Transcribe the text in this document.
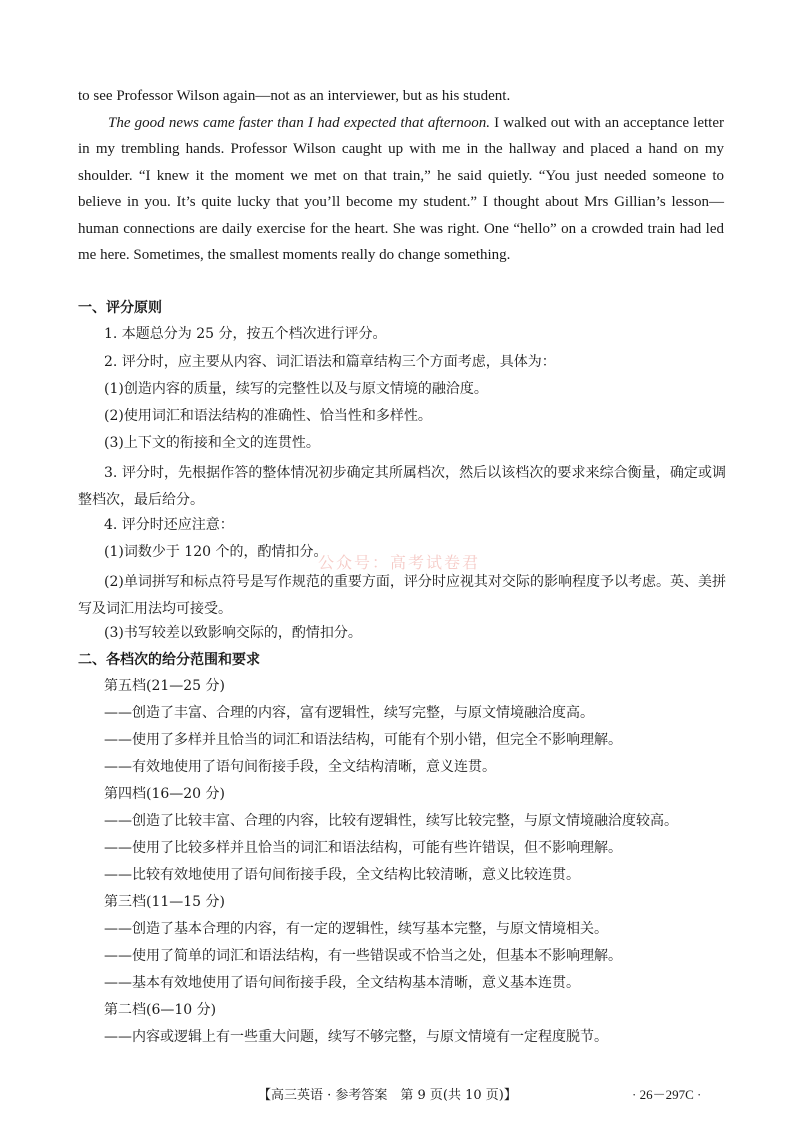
to see Professor Wilson again—not as an interviewer, but as his student.

The good news came faster than I had expected that afternoon. I walked out with an acceptance letter in my trembling hands. Professor Wilson caught up with me in the hallway and placed a hand on my shoulder. “I knew it the moment we met on that train,” he said quietly. “You just needed someone to believe in you. It’s quite lucky that you’ll become my student.” I thought about Mrs Gillian’s lesson—human connections are daily exercise for the heart. She was right. One “hello” on a crowded train had led me here. Sometimes, the smallest moments really do change something.

一、评分原则
1. 本题总分为 25 分，按五个档次进行评分。
2. 评分时，应主要从内容、词汇语法和篇章结构三个方面考虑，具体为：
(1)创造内容的质量，续写的完整性以及与原文情境的融洽度。
(2)使用词汇和语法结构的准确性、恰当性和多样性。
(3)上下文的衔接和全文的连贯性。
3. 评分时，先根据作答的整体情况初步确定其所属档次，然后以该档次的要求来综合衡量，确定或调整档次，最后给分。
4. 评分时还应注意：
(1)词数少于 120 个的，酌情扣分。
(2)单词拼写和标点符号是写作规范的重要方面，评分时应视其对交际的影响程度予以考虑。英、美拼写及词汇用法均可接受。
(3)书写较差以致影响交际的，酌情扣分。
二、各档次的给分范围和要求
第五档(21—25 分)
——创造了丰富、合理的内容，富有逻辑性，续写完整，与原文情境融洽度高。
——使用了多样并且恰当的词汇和语法结构，可能有个别小错，但完全不影响理解。
——有效地使用了语句间衔接手段，全文结构清晰，意义连贯。
第四档(16—20 分)
——创造了比较丰富、合理的内容，比较有逻辑性，续写比较完整，与原文情境融洽度较高。
——使用了比较多样并且恰当的词汇和语法结构，可能有些许错误，但不影响理解。
——比较有效地使用了语句间衔接手段，全文结构比较清晰，意义比较连贯。
第三档(11—15 分)
——创造了基本合理的内容，有一定的逻辑性，续写基本完整，与原文情境相关。
——使用了简单的词汇和语法结构，有一些错误或不恰当之处，但基本不影响理解。
——基本有效地使用了语句间衔接手段，全文结构基本清晰，意义基本连贯。
第二档(6—10 分)
——内容或逻辑上有一些重大问题，续写不够完整，与原文情境有一定程度脱节。
公众号：高考试卷君
【高三英语 · 参考答案　第 9 页(共 10 页)】	· 26－297C ·
